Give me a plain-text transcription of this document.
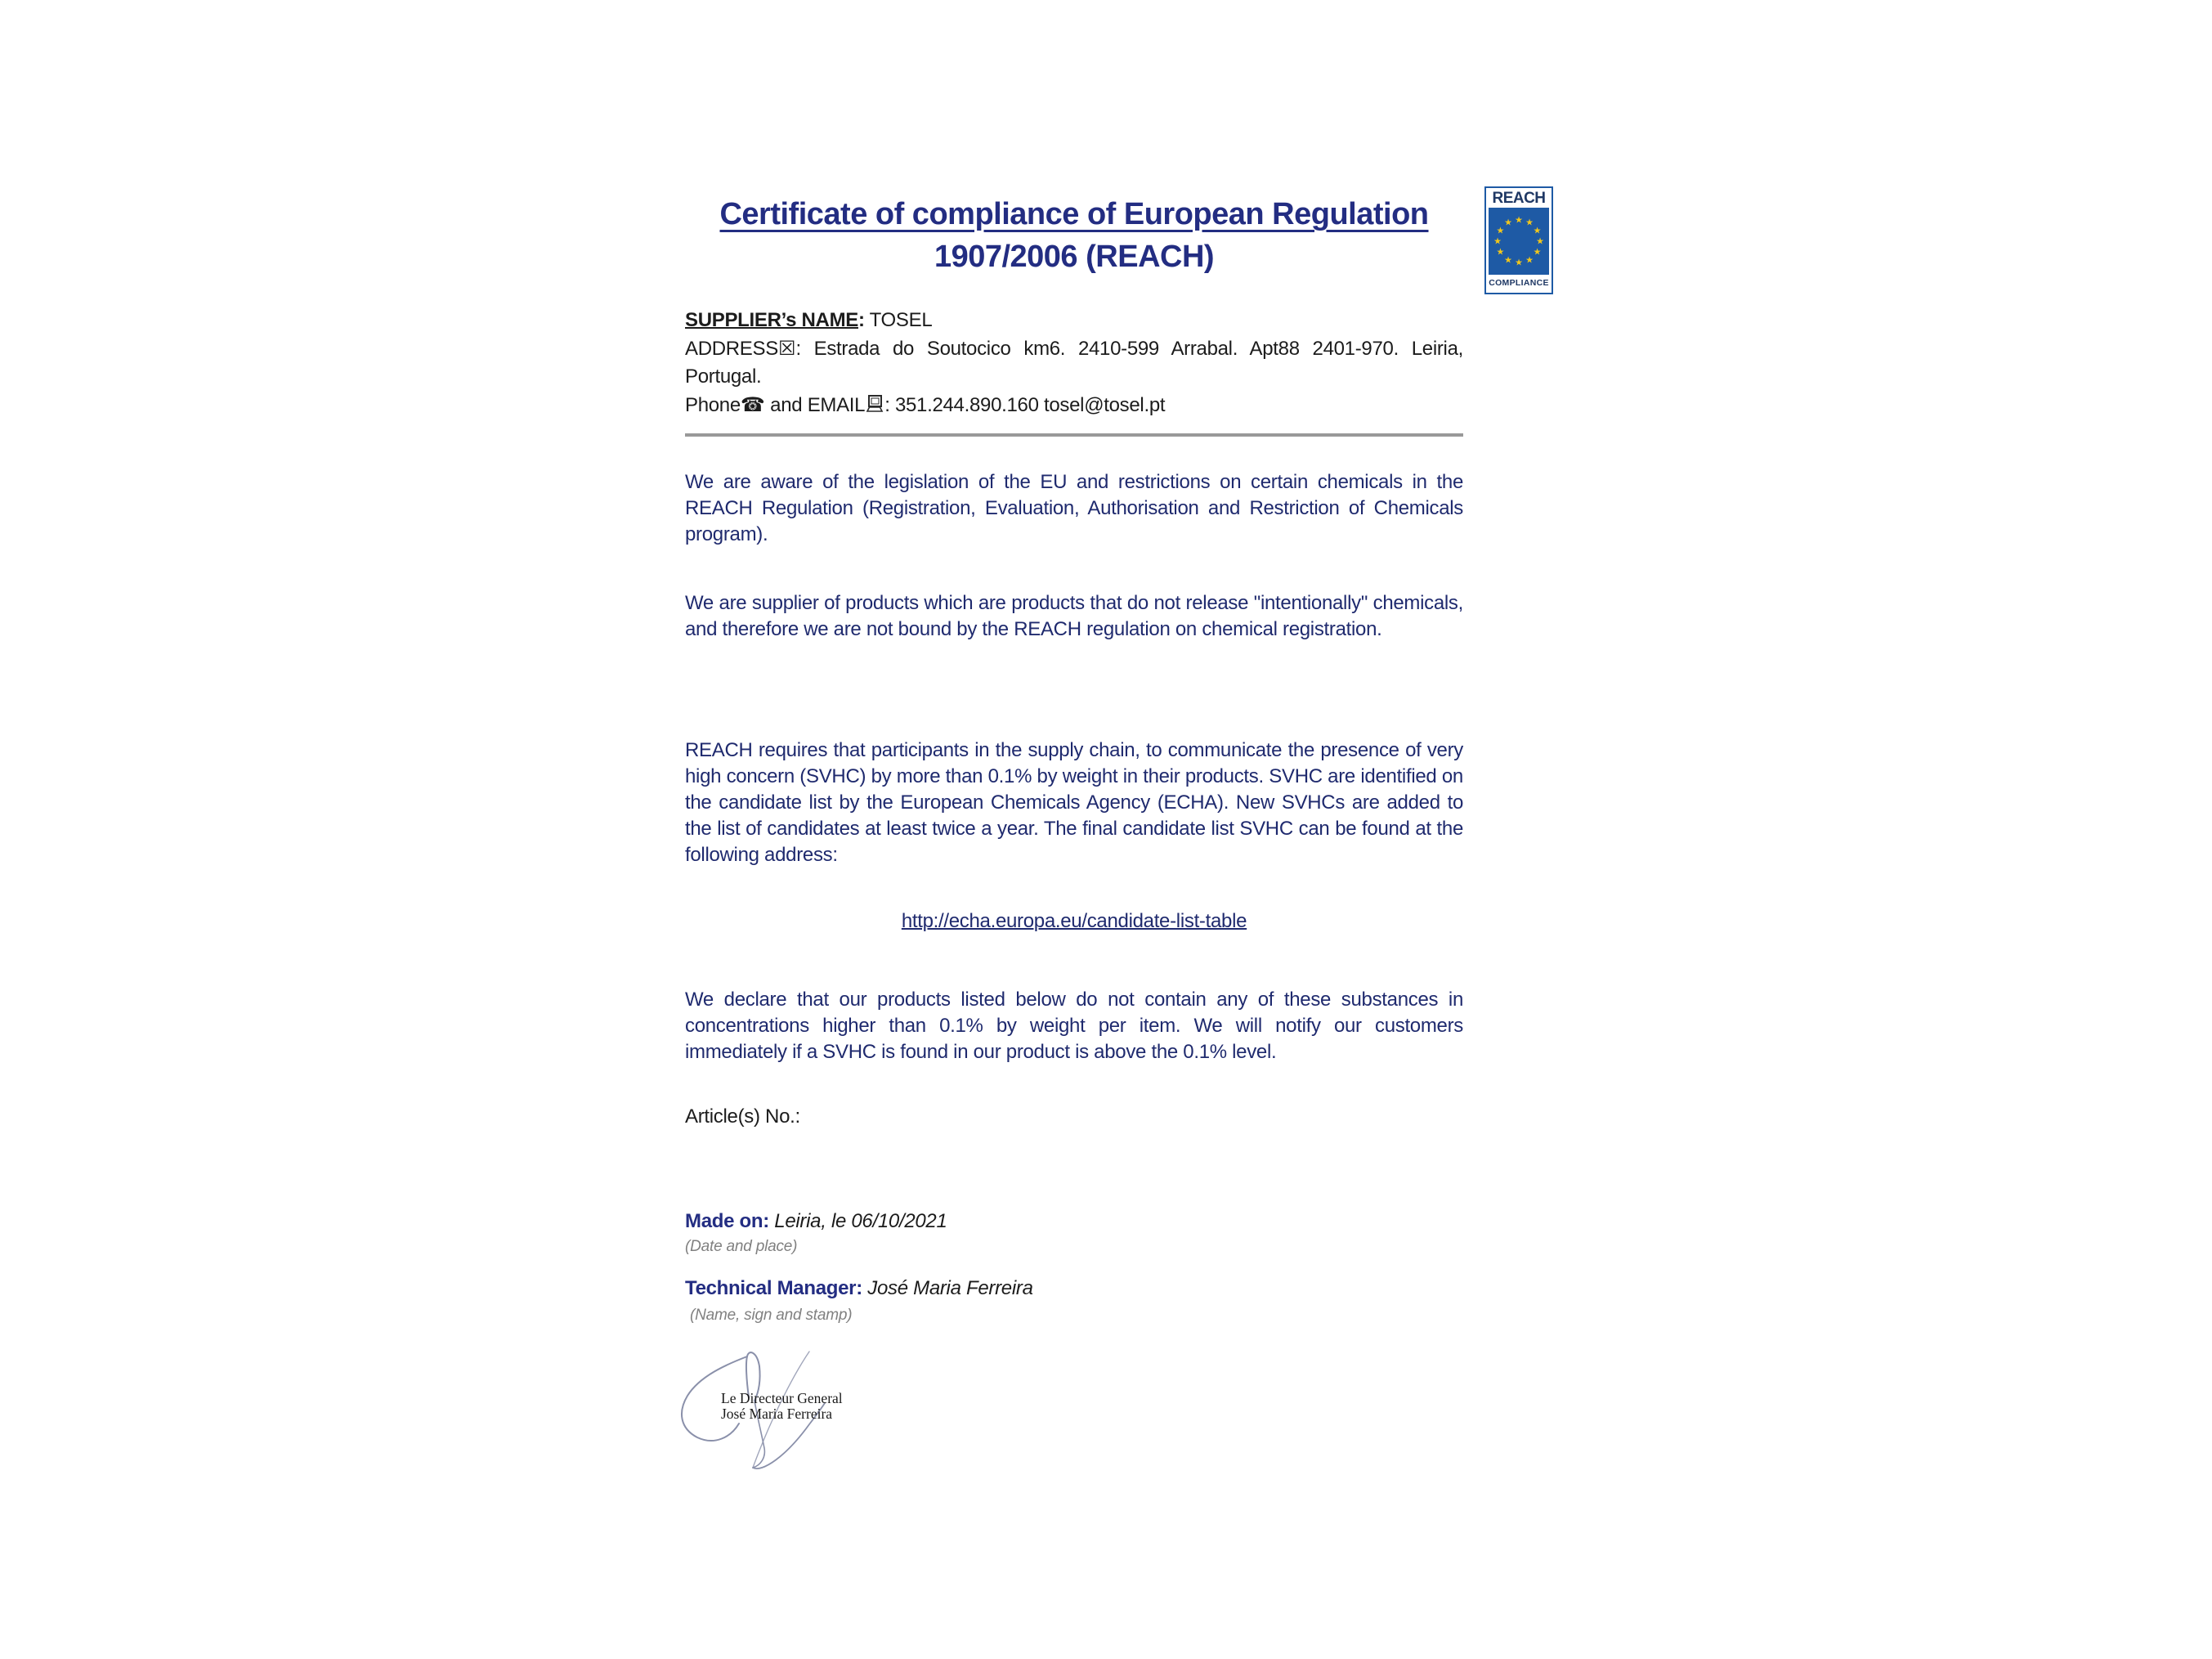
Certificate of compliance of European Regulation
1907/2006 (REACH)

SUPPLIER’s NAME: TOSEL

ADDRESS☒: Estrada do Soutocico km6. 2410-599 Arrabal. Apt88 2401-970. Leiria, Portugal.

Phone☎ and EMAIL : 351.244.890.160 tosel@tosel.pt

We are aware of the legislation of the EU and restrictions on certain chemicals in the REACH Regulation (Registration, Evaluation, Authorisation and Restriction of Chemicals program).

We are supplier of products which are products that do not release "intentionally" chemicals, and therefore we are not bound by the REACH regulation on chemical registration.

REACH requires that participants in the supply chain, to communicate the presence of very high concern (SVHC) by more than 0.1% by weight in their products. SVHC are identified on the candidate list by the European Chemicals Agency (ECHA). New SVHCs are added to the list of candidates at least twice a year. The final candidate list SVHC can be found at the following address:

http://echa.europa.eu/candidate-list-table

We declare that our products listed below do not contain any of these substances in concentrations higher than 0.1% by weight per item. We will notify our customers immediately if a SVHC is found in our product is above the 0.1% level.

Article(s) No.:

Made on: Leiria, le 06/10/2021

(Date and place)

Technical Manager: José Maria Ferreira

(Name, sign and stamp)

Le Directeur General
José Maria Ferreira
REACH
★ ★
★
★
★
★
★
★
★
★
★
★
COMPLIANCE
